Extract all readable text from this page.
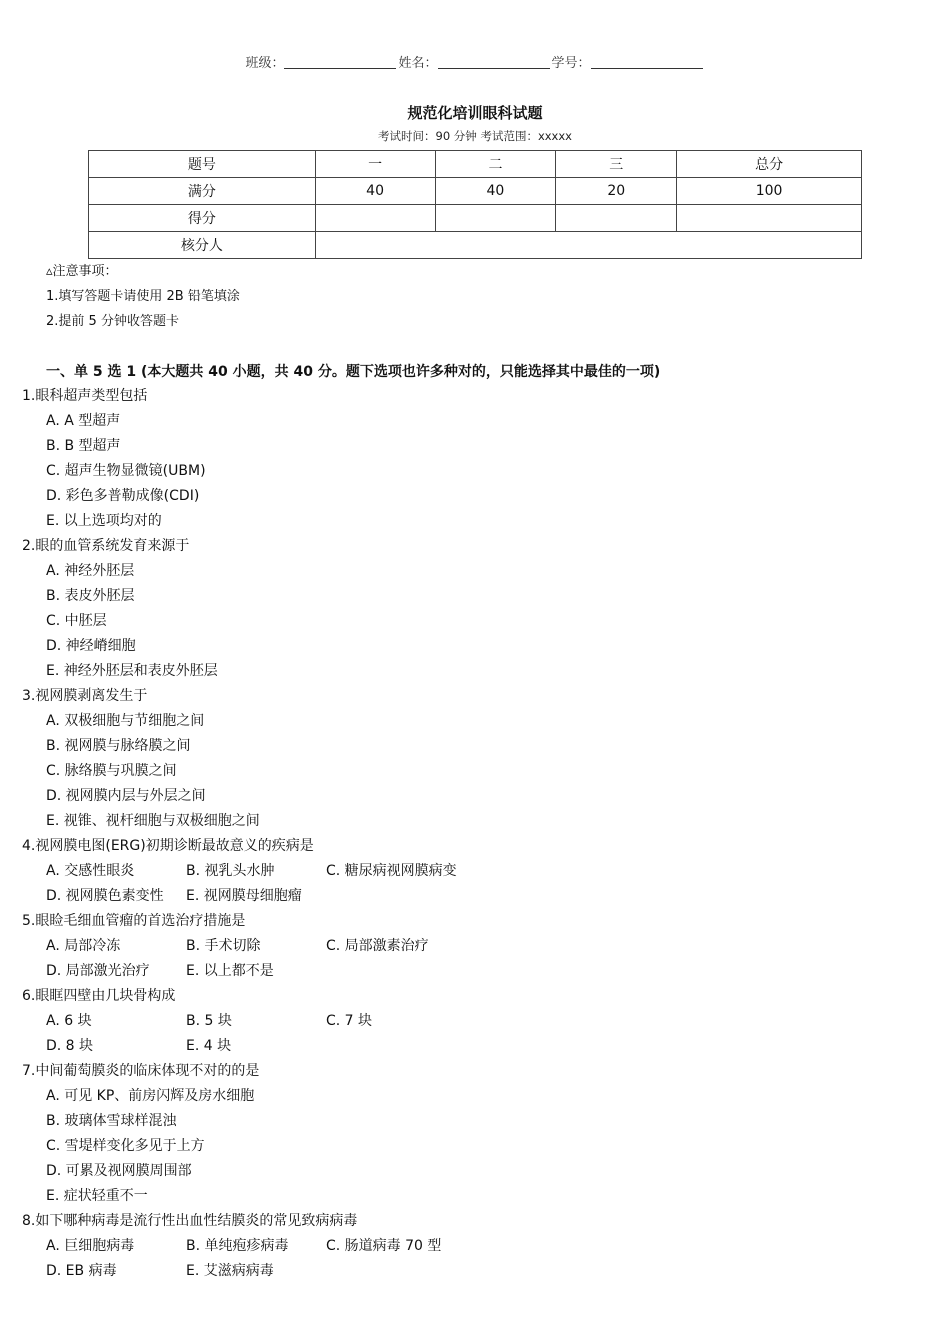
班级：	姓名：	学号：
规范化培训眼科试题
考试时间：90 分钟 考试范围：xxxxx
题号	一	二	三	总分
满分	40	40	20	100
得分				
核分人				
▵注意事项：
1.填写答题卡请使用 2B 铅笔填涂
2.提前 5 分钟收答题卡
一、单 5 选 1 (本大题共 40 小题，共 40 分。题下选项也许多种对的，只能选择其中最佳的一项)
1.眼科超声类型包括
A. A 型超声
B. B 型超声
C. 超声生物显微镜(UBM)
D. 彩色多普勒成像(CDI)
E. 以上选项均对的
2.眼的血管系统发育来源于
A. 神经外胚层
B. 表皮外胚层
C. 中胚层
D. 神经嵴细胞
E. 神经外胚层和表皮外胚层
3.视网膜剥离发生于
A. 双极细胞与节细胞之间
B. 视网膜与脉络膜之间
C. 脉络膜与巩膜之间
D. 视网膜内层与外层之间
E. 视锥、视杆细胞与双极细胞之间
4.视网膜电图(ERG)初期诊断最故意义的疾病是
A. 交感性眼炎	B. 视乳头水肿	C. 糖尿病视网膜病变
D. 视网膜色素变性 E. 视网膜母细胞瘤
5.眼睑毛细血管瘤的首选治疗措施是
A. 局部冷冻	B. 手术切除	C. 局部激素治疗
D. 局部激光治疗	E. 以上都不是
6.眼眶四壁由几块骨构成
A. 6 块	B. 5 块	C. 7 块
D. 8 块	E. 4 块
7.中间葡萄膜炎的临床体现不对的的是
A. 可见 KP、前房闪辉及房水细胞
B. 玻璃体雪球样混浊
C. 雪堤样变化多见于上方
D. 可累及视网膜周围部
E. 症状轻重不一
8.如下哪种病毒是流行性出血性结膜炎的常见致病病毒
A. 巨细胞病毒	B. 单纯疱疹病毒	C. 肠道病毒 70 型
D. EB 病毒	E. 艾滋病病毒
